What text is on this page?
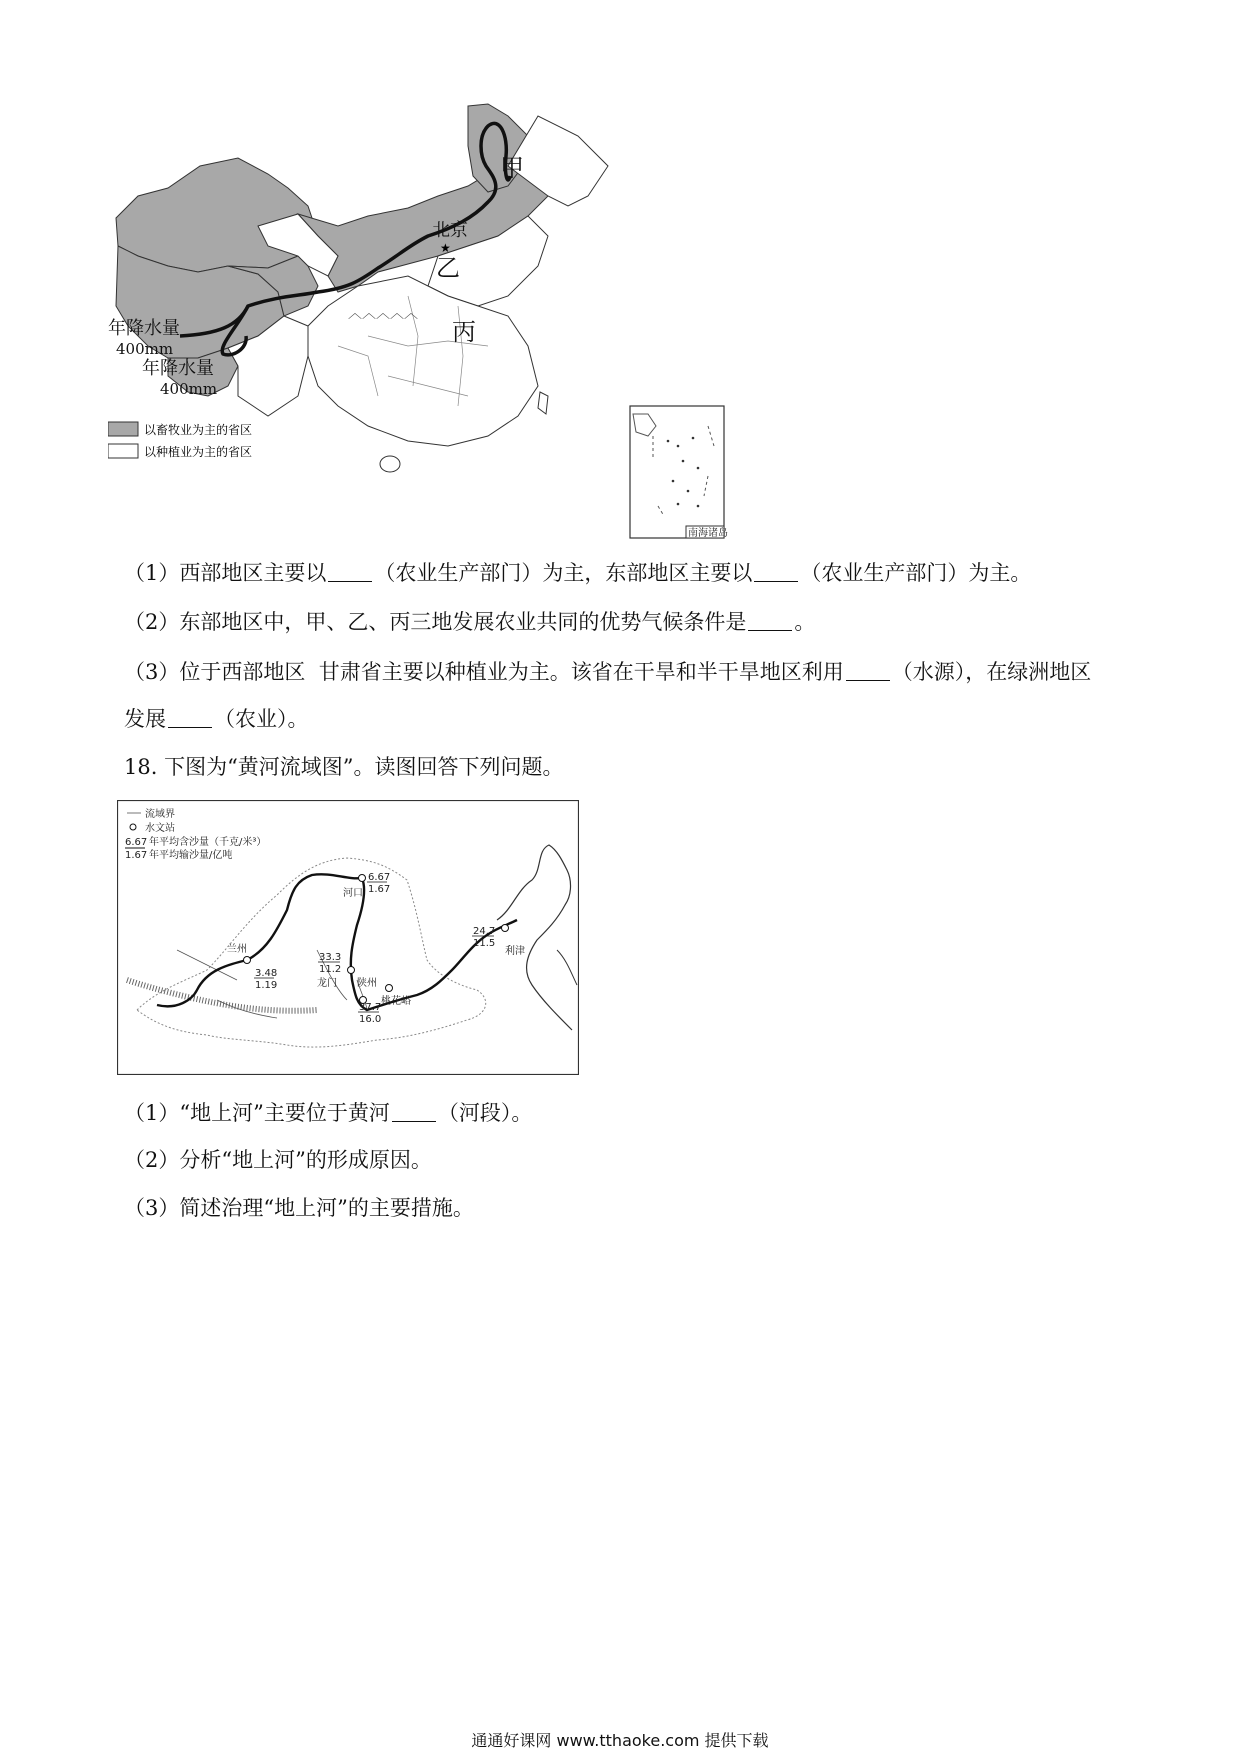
︿︿︿︿︿
甲
北京
★
乙
丙
年降水量
400mm
年降水量
400mm
以畜牧业为主的省区
以种植业为主的省区
南海诸岛
（1）西部地区主要以 （农业生产部门）为主，东部地区主要以 （农业生产部门）为主。
（2）东部地区中，甲、乙、丙三地发展农业共同的优势气候条件是 。
（3）位于西部地区 甘肃省主要以种植业为主。该省在干旱和半干旱地区利用 （水源），在绿洲地区
发展 （农业）。
18. 下图为“黄河流域图”。读图回答下列问题。
流域界
水文站
6.67
1.67
年平均含沙量（千克/米³）
年平均输沙量/亿吨
兰州
3.48
1.19
河口
6.67
1.67
33.3
11.2
龙门 陕州
桃花峪
37.7
16.0
24.7
11.5
利津
（1）“地上河”主要位于黄河 （河段）。
（2）分析“地上河”的形成原因。
（3）简述治理“地上河”的主要措施。
通通好课网 www.tthaoke.com 提供下载
